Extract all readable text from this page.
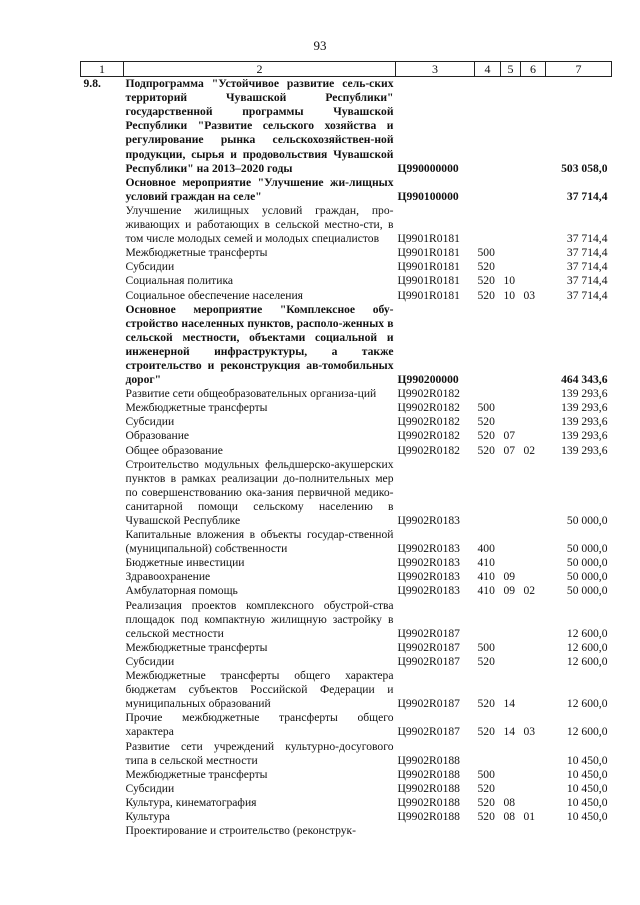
93
1	2	3	4	5	6	7
9.8.	Подпрограмма "Устойчивое развитие сель-ских территорий Чувашской Республики" государственной программы Чувашской Республики "Развитие сельского хозяйства и регулирование рынка сельскохозяйствен-ной продукции, сырья и продовольствия Чувашской Республики" на 2013–2020 годы	Ц990000000				503 058,0
	Основное мероприятие "Улучшение жи-лищных условий граждан на селе"	Ц990100000				37 714,4
	Улучшение жилищных условий граждан, про-живающих и работающих в сельской местно-сти, в том числе молодых семей и молодых специалистов	Ц9901R0181				37 714,4
	Межбюджетные трансферты	Ц9901R0181	500			37 714,4
	Субсидии	Ц9901R0181	520			37 714,4
	Социальная политика	Ц9901R0181	520	10		37 714,4
	Социальное обеспечение населения	Ц9901R0181	520	10	03	37 714,4
	Основное мероприятие "Комплексное обу-стройство населенных пунктов, располо-женных в сельской местности, объектами социальной и инженерной инфраструктуры, а также строительство и реконструкция ав-томобильных дорог"	Ц990200000				464 343,6
	Развитие сети общеобразовательных организа-ций	Ц9902R0182				139 293,6
	Межбюджетные трансферты	Ц9902R0182	500			139 293,6
	Субсидии	Ц9902R0182	520			139 293,6
	Образование	Ц9902R0182	520	07		139 293,6
	Общее образование	Ц9902R0182	520	07	02	139 293,6
	Строительство модульных фельдшерско-акушерских пунктов в рамках реализации до-полнительных мер по совершенствованию ока-зания первичной медико-санитарной помощи сельскому населению в Чувашской Республике	Ц9902R0183				50 000,0
	Капитальные вложения в объекты государ-ственной (муниципальной) собственности	Ц9902R0183	400			50 000,0
	Бюджетные инвестиции	Ц9902R0183	410			50 000,0
	Здравоохранение	Ц9902R0183	410	09		50 000,0
	Амбулаторная помощь	Ц9902R0183	410	09	02	50 000,0
	Реализация проектов комплексного обустрой-ства площадок под компактную жилищную застройку в сельской местности	Ц9902R0187				12 600,0
	Межбюджетные трансферты	Ц9902R0187	500			12 600,0
	Субсидии	Ц9902R0187	520			12 600,0
	Межбюджетные трансферты общего характера бюджетам субъектов Российской Федерации и муниципальных образований	Ц9902R0187	520	14		12 600,0
	Прочие межбюджетные трансферты общего характера	Ц9902R0187	520	14	03	12 600,0
	Развитие сети учреждений культурно-досугового типа в сельской местности	Ц9902R0188				10 450,0
	Межбюджетные трансферты	Ц9902R0188	500			10 450,0
	Субсидии	Ц9902R0188	520			10 450,0
	Культура, кинематография	Ц9902R0188	520	08		10 450,0
	Культура	Ц9902R0188	520	08	01	10 450,0
	Проектирование и строительство (реконструк-					
